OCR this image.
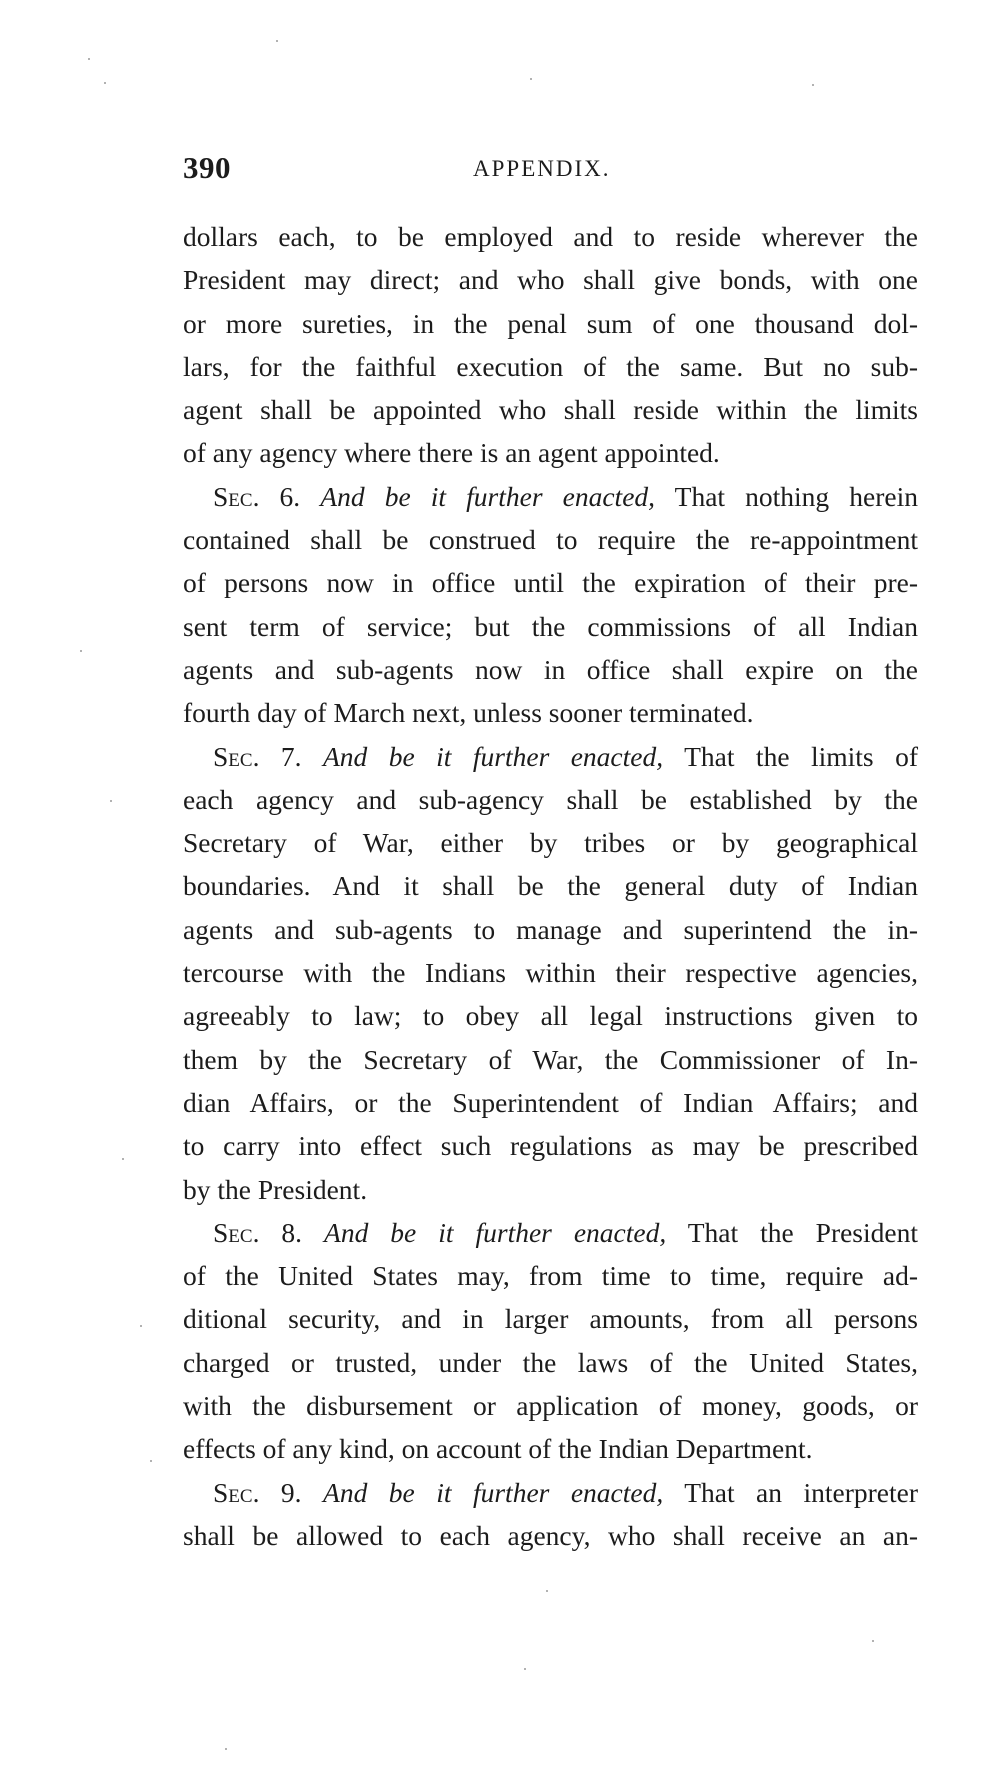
390	APPENDIX.
dollars each, to be employed and to reside wherever the
President may direct; and who shall give bonds, with one
or more sureties, in the penal sum of one thousand dol-
lars, for the faithful execution of the same. But no sub-
agent shall be appointed who shall reside within the limits
of any agency where there is an agent appointed.
Sec. 6. And be it further enacted, That nothing herein
contained shall be construed to require the re-appointment
of persons now in office until the expiration of their pre-
sent term of service; but the commissions of all Indian
agents and sub-agents now in office shall expire on the
fourth day of March next, unless sooner terminated.
Sec. 7. And be it further enacted, That the limits of
each agency and sub-agency shall be established by the
Secretary of War, either by tribes or by geographical
boundaries. And it shall be the general duty of Indian
agents and sub-agents to manage and superintend the in-
tercourse with the Indians within their respective agencies,
agreeably to law; to obey all legal instructions given to
them by the Secretary of War, the Commissioner of In-
dian Affairs, or the Superintendent of Indian Affairs; and
to carry into effect such regulations as may be prescribed
by the President.
Sec. 8. And be it further enacted, That the President
of the United States may, from time to time, require ad-
ditional security, and in larger amounts, from all persons
charged or trusted, under the laws of the United States,
with the disbursement or application of money, goods, or
effects of any kind, on account of the Indian Department.
Sec. 9. And be it further enacted, That an interpreter
shall be allowed to each agency, who shall receive an an-
